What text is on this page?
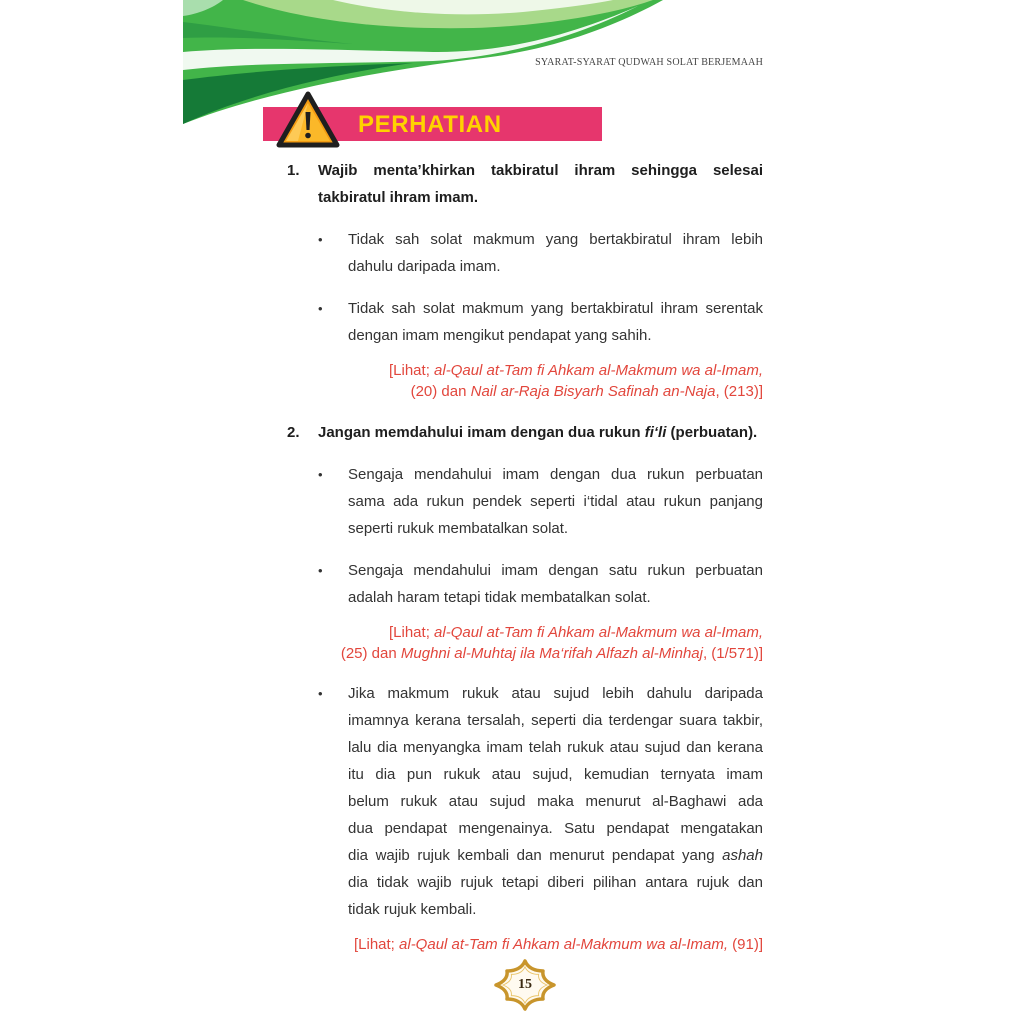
SYARAT-SYARAT QUDWAH SOLAT BERJEMAAH
PERHATIAN
1. Wajib menta’khirkan takbiratul ihram sehingga selesai
takbiratul ihram imam.
• Tidak sah solat makmum yang bertakbiratul ihram lebih
dahulu daripada imam.
• Tidak sah solat makmum yang bertakbiratul ihram serentak
dengan imam mengikut pendapat yang sahih.
[Lihat; al-Qaul at-Tam fi Ahkam al-Makmum wa al-Imam,
(20) dan Nail ar-Raja Bisyarh Safinah an-Naja, (213)]
2. Jangan memdahului imam dengan dua rukun fi‘li (perbuatan).
• Sengaja mendahului imam dengan dua rukun perbuatan
sama ada rukun pendek seperti i‘tidal atau rukun panjang
seperti rukuk membatalkan solat.
• Sengaja mendahului imam dengan satu rukun perbuatan
adalah haram tetapi tidak membatalkan solat.
[Lihat; al-Qaul at-Tam fi Ahkam al-Makmum wa al-Imam,
(25) dan Mughni al-Muhtaj ila Ma‘rifah Alfazh al-Minhaj, (1/571)]
• Jika makmum rukuk atau sujud lebih dahulu daripada
imamnya kerana tersalah, seperti dia terdengar suara takbir,
lalu dia menyangka imam telah rukuk atau sujud dan kerana
itu dia pun rukuk atau sujud, kemudian ternyata imam
belum rukuk atau sujud maka menurut al-Baghawi ada
dua pendapat mengenainya. Satu pendapat mengatakan
dia wajib rujuk kembali dan menurut pendapat yang ashah
dia tidak wajib rujuk tetapi diberi pilihan antara rujuk dan
tidak rujuk kembali.
[Lihat; al-Qaul at-Tam fi Ahkam al-Makmum wa al-Imam, (91)]
15
